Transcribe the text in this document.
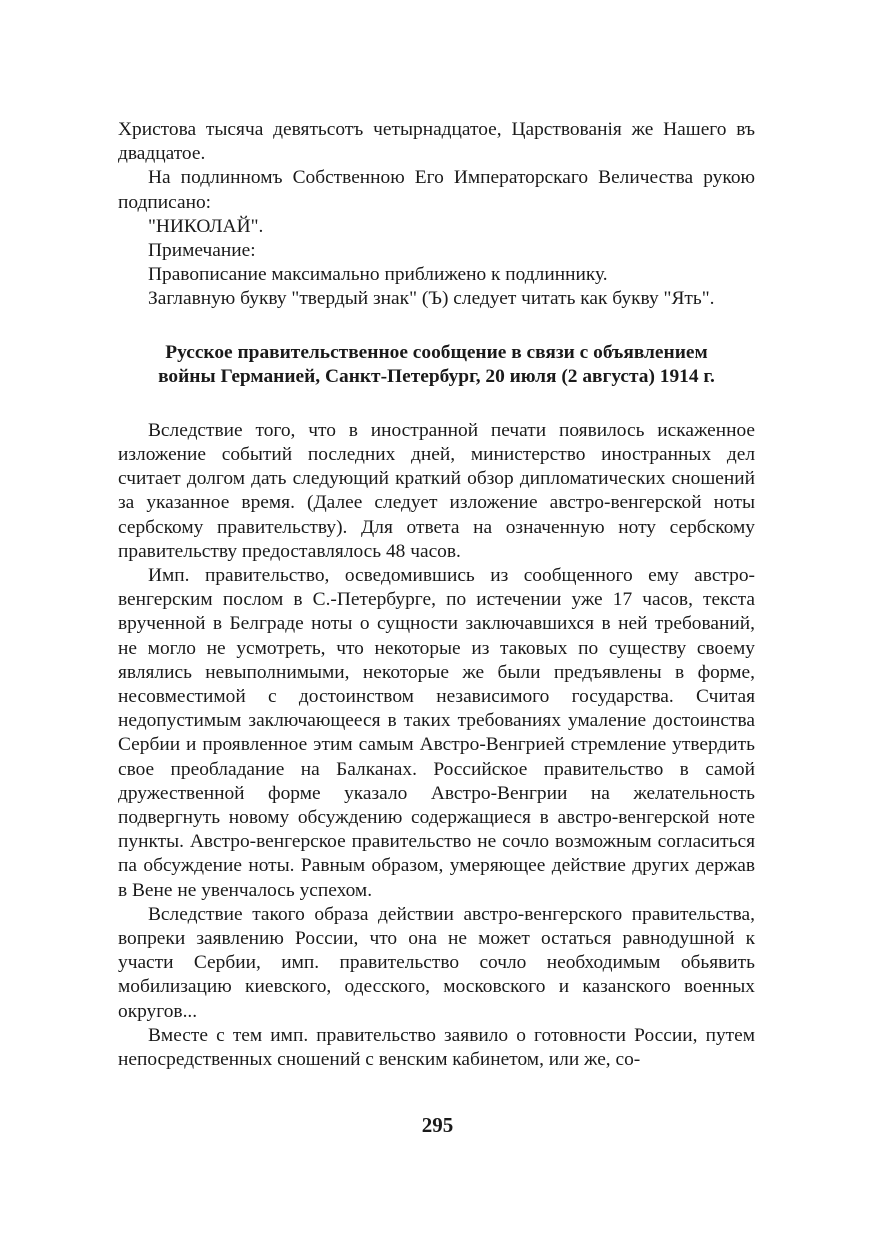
Христова тысяча девятьсотъ четырнадцатое, Царствованія же Нашего въ двадцатое.

На подлинномъ Собственною Его Императорскаго Величества рукою подписано:

"НИКОЛАЙ".

Примечание:

Правописание максимально приближено к подлиннику.

Заглавную букву "твердый знак" (Ъ) следует читать как букву "Ять".

Русское правительственное сообщение в связи с объявлением
войны Германией, Санкт-Петербург, 20 июля (2 августа) 1914 г.

Вследствие того, что в иностранной печати появилось искаженное изложение событий последних дней, министерство иностранных дел считает долгом дать следующий краткий обзор дипломатических сношений за указанное время. (Далее следует изложение австро-венгерской ноты сербскому правительству). Для ответа на означенную ноту сербскому правительству предоставлялось 48 часов.

Имп. правительство, осведомившись из сообщенного ему австро-венгерским послом в С.-Петербурге, по истечении уже 17 часов, текста врученной в Белграде ноты о сущности заключавшихся в ней требований, не могло не усмотреть, что некоторые из таковых по существу своему являлись невыполнимыми, некоторые же были предъявлены в форме, несовместимой с достоинством независимого государства. Считая недопустимым заключающееся в таких требованиях умаление достоинства Сербии и проявленное этим самым Австро-Венгрией стремление утвердить свое преобладание на Балканах. Российское правительство в самой дружественной форме указало Австро-Венгрии на желательность подвергнуть новому обсуждению содержащиеся в австро-венгерской ноте пункты. Австро-венгерское правительство не сочло возможным согласиться па обсуждение ноты. Равным образом, умеряющее действие других держав в Вене не увенчалось успехом.

Вследствие такого образа действии австро-венгерского правительства, вопреки заявлению России, что она не может остаться равнодушной к участи Сербии, имп. правительство сочло необходимым обьявить мобилизацию киевского, одесского, московского и казанского военных округов...

Вместе с тем имп. правительство заявило о готовности России, путем непосредственных сношений с венским кабинетом, или же, со-

295
